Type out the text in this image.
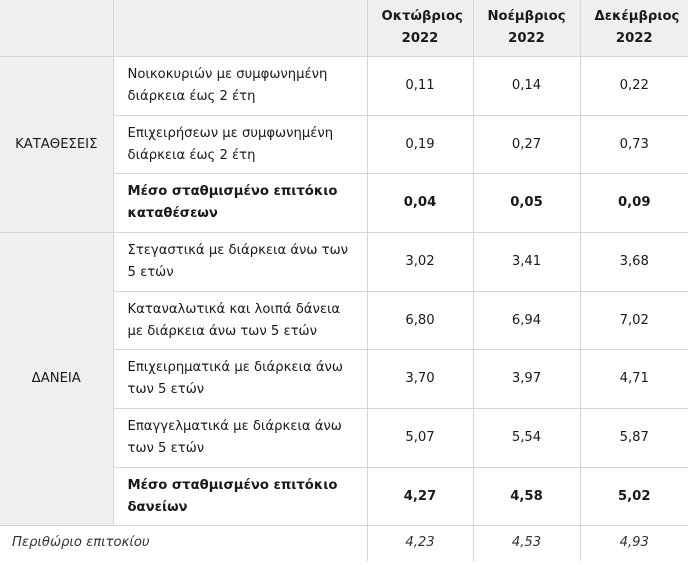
		Οκτώβριος 2022	Νοέμβριος 2022	Δεκέμβριος 2022
ΚΑΤΑΘΕΣΕΙΣ	Νοικοκυριών με συμφωνημένη διάρκεια έως 2 έτη	0,11	0,14	0,22
	Επιχειρήσεων με συμφωνημένη διάρκεια έως 2 έτη	0,19	0,27	0,73
	Μέσο σταθμισμένο επιτόκιο καταθέσεων	0,04	0,05	0,09
ΔΑΝΕΙΑ	Στεγαστικά με διάρκεια άνω των 5 ετών	3,02	3,41	3,68
	Καταναλωτικά και λοιπά δάνεια με διάρκεια άνω των 5 ετών	6,80	6,94	7,02
	Επιχειρηματικά με διάρκεια άνω των 5 ετών	3,70	3,97	4,71
	Επαγγελματικά με διάρκεια άνω των 5 ετών	5,07	5,54	5,87
	Μέσο σταθμισμένο επιτόκιο δανείων	4,27	4,58	5,02
Περιθώριο επιτοκίου		4,23	4,53	4,93
